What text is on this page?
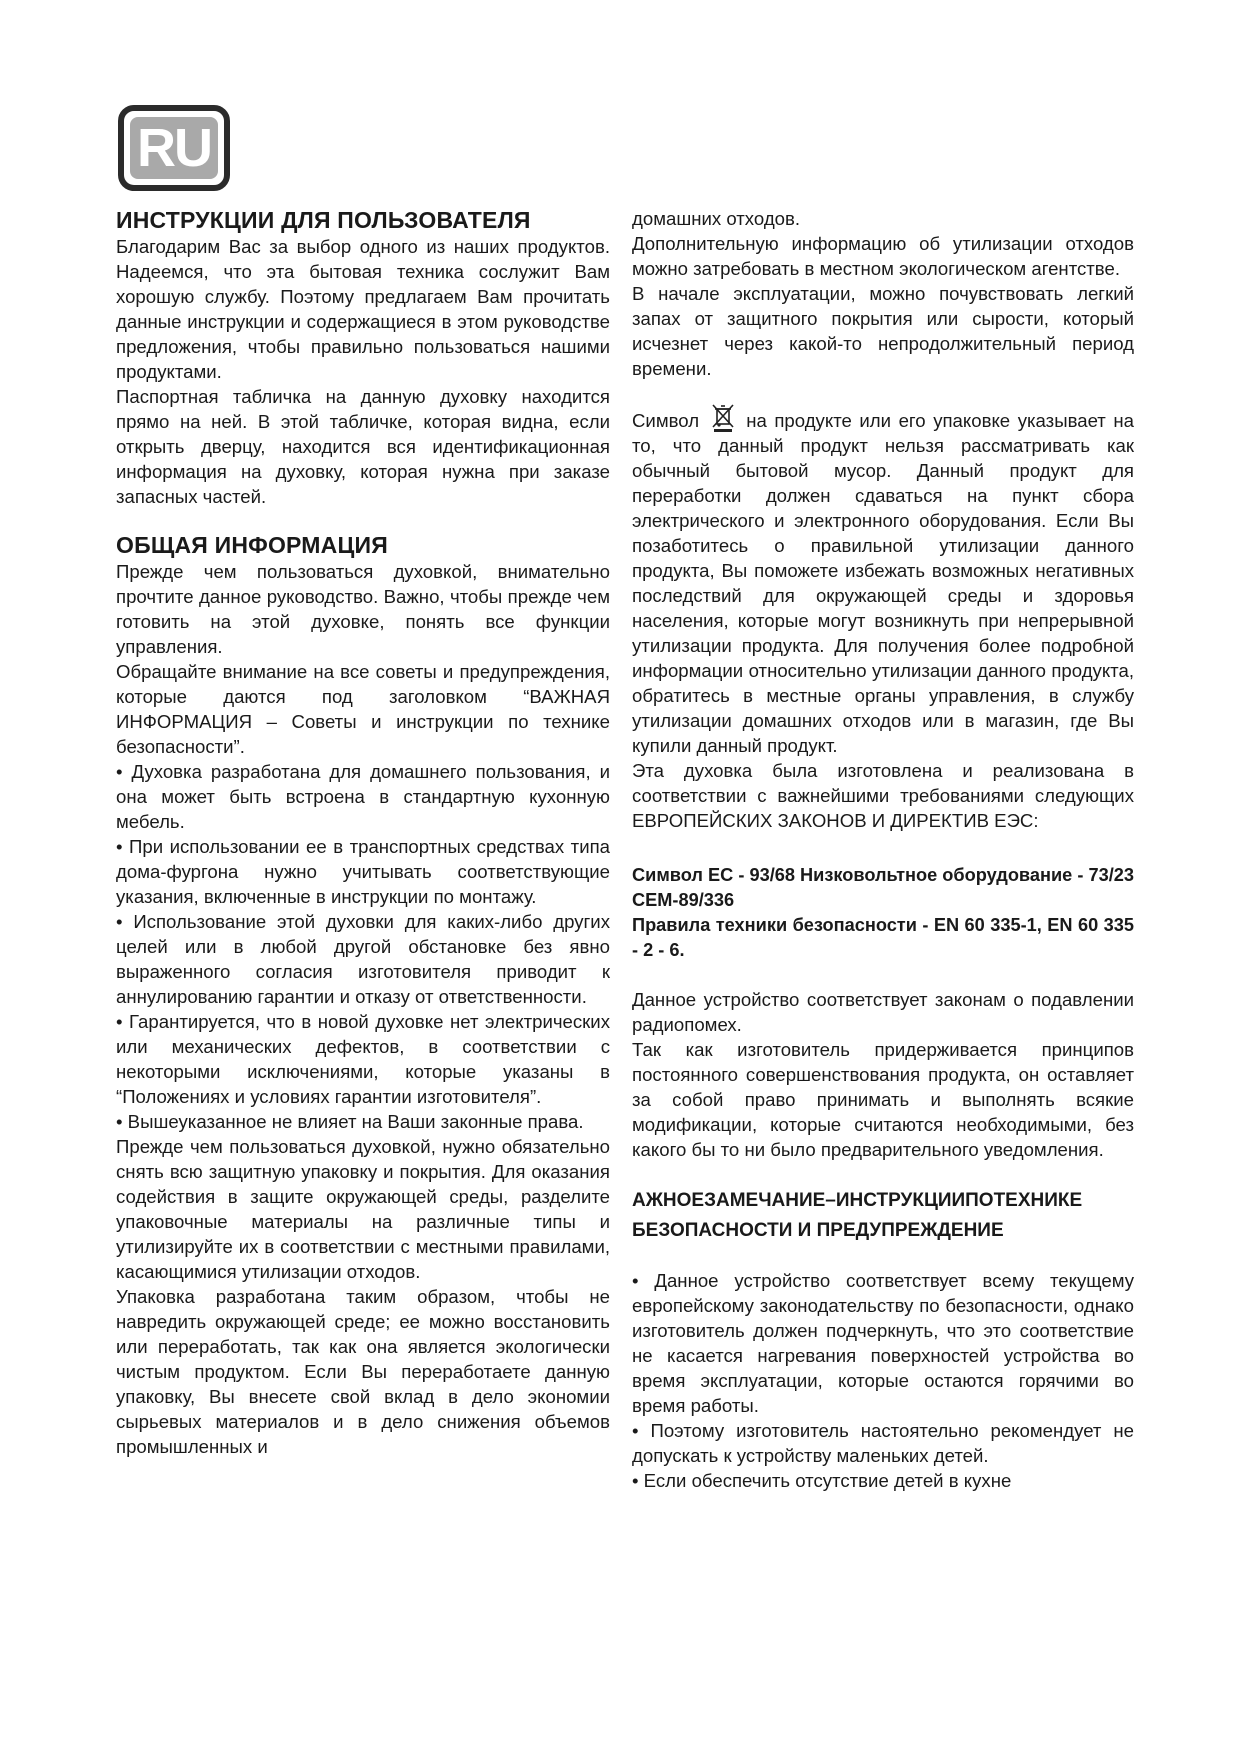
RU
ИНСТРУКЦИИ ДЛЯ ПОЛЬЗОВАТЕЛЯ

Благодарим Вас за выбор одного из наших продуктов. Надеемся, что эта бытовая техника сослужит Вам хорошую службу. Поэтому предлагаем Вам прочитать данные инструкции и содержащиеся в этом руководстве предложения, чтобы правильно пользоваться нашими продуктами.

Паспортная табличка на данную духовку находится прямо на ней. В этой табличке, которая видна, если открыть дверцу, находится вся идентификационная информация на духовку, которая нужна при заказе запасных частей.

ОБЩАЯ ИНФОРМАЦИЯ

Прежде чем пользоваться духовкой, внимательно прочтите данное руководство. Важно, чтобы прежде чем готовить на этой духовке, понять все функции управления.

Обращайте внимание на все советы и предупреждения, которые даются под заголовком “ВАЖНАЯ ИНФОРМАЦИЯ – Советы и инструкции по технике безопасности”.

• Духовка разработана для домашнего пользования, и она может быть встроена в стандартную кухонную мебель.

• При использовании ее в транспортных средствах типа дома-фургона нужно учитывать соответствующие указания, включенные в инструкции по монтажу.

• Использование этой духовки для каких-либо других целей или в любой другой обстановке без явно выраженного согласия изготовителя приводит к аннулированию гарантии и отказу от ответственности.

• Гарантируется, что в новой духовке нет электрических или механических дефектов, в соответствии с некоторыми исключениями, которые указаны в “Положениях и условиях гарантии изготовителя”.

• Вышеуказанное не влияет на Ваши законные права.

Прежде чем пользоваться духовкой, нужно обязательно снять всю защитную упаковку и покрытия. Для оказания содействия в защите окружающей среды, разделите упаковочные материалы на различные типы и утилизируйте их в соответствии с местными правилами, касающимися утилизации отходов.

Упаковка разработана таким образом, чтобы не навредить окружающей среде; ее можно восстановить или переработать, так как она является экологически чистым продуктом. Если Вы переработаете данную упаковку, Вы внесете свой вклад в дело экономии сырьевых материалов и в дело снижения объемов промышленных и

домашних отходов.

Дополнительную информацию об утилизации отходов можно затребовать в местном экологическом агентстве.

В начале эксплуатации, можно почувствовать легкий запах от защитного покрытия или сырости, который исчезнет через какой-то непродолжительный период времени.

Символ	на продукте или его упаковке указывает на то, что данный продукт нельзя рассматривать как обычный бытовой мусор. Данный продукт для переработки должен сдаваться на пункт сбора электрического и электронного оборудования. Если Вы позаботитесь о правильной утилизации данного продукта, Вы поможете избежать возможных негативных последствий для окружающей среды и здоровья населения, которые могут возникнуть при непрерывной утилизации продукта. Для получения более подробной информации относительно утилизации данного продукта, обратитесь в местные органы управления, в службу утилизации домашних отходов или в магазин, где Вы купили данный продукт.

Эта духовка была изготовлена и реализована в соответствии с важнейшими требованиями следующих ЕВРОПЕЙСКИХ ЗАКОНОВ И ДИРЕКТИВ ЕЭС:

Символ ЕС - 93/68 Низковольтное оборудование - 73/23 CEM-89/336

Правила техники безопасности - EN 60 335-1, EN 60 335 - 2 - 6.

Данное устройство соответствует законам о подавлении радиопомех.

Так как изготовитель придерживается принципов постоянного совершенствования продукта, он оставляет за собой право принимать и выполнять всякие модификации, которые считаются необходимыми, без какого бы то ни было предварительного уведомления.

АЖНОЕЗАМЕЧАНИЕ–ИНСТРУКЦИИПОТЕХНИКЕ

БЕЗОПАСНОСТИ И ПРЕДУПРЕЖДЕНИЕ

• Данное устройство соответствует всему текущему европейскому законодательству по безопасности, однако изготовитель должен подчеркнуть, что это соответствие не касается нагревания поверхностей устройства во время эксплуатации, которые остаются горячими во время работы.

• Поэтому изготовитель настоятельно рекомендует не допускать к устройству маленьких детей.

• Если обеспечить отсутствие детей в кухне
